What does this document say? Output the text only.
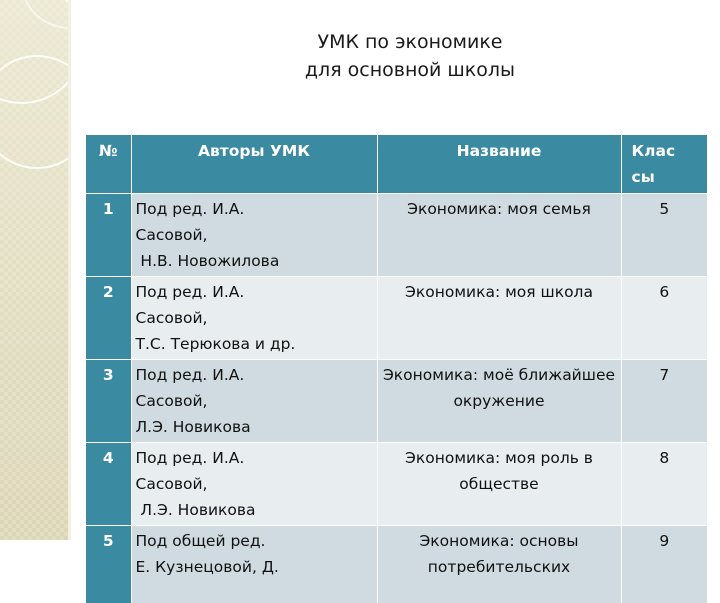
УМК по экономике
для основной школы
№	Авторы УМК	Название	Клас сы
1	Под ред. И.А.
Сасовой,
Н.В. Новожилова	Экономика: моя семья	5
2	Под ред. И.А.
Сасовой,
Т.С. Терюкова и др.	Экономика: моя школа	6
3	Под ред. И.А.
Сасовой,
Л.Э. Новикова	Экономика: моё ближайшее окружение	7
4	Под ред. И.А.
Сасовой,
Л.Э. Новикова	Экономика: моя роль в обществе	8
5	Под общей ред.
Е. Кузнецовой, Д.	Экономика: основы потребительских	9
